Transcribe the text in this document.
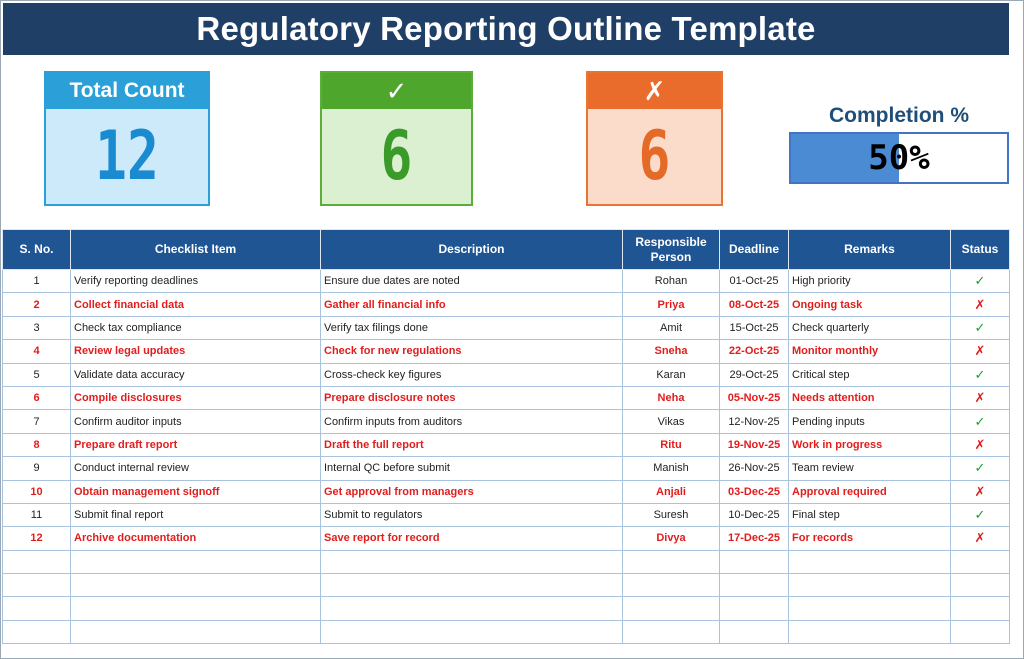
Regulatory Reporting Outline Template
Total Count
12
✓
6
✗
6
Completion %
50%
S. No.	Checklist Item	Description	Responsible Person	Deadline	Remarks	Status
1	Verify reporting deadlines	Ensure due dates are noted	Rohan	01-Oct-25	High priority	✓
2	Collect financial data	Gather all financial info	Priya	08-Oct-25	Ongoing task	✗
3	Check tax compliance	Verify tax filings done	Amit	15-Oct-25	Check quarterly	✓
4	Review legal updates	Check for new regulations	Sneha	22-Oct-25	Monitor monthly	✗
5	Validate data accuracy	Cross-check key figures	Karan	29-Oct-25	Critical step	✓
6	Compile disclosures	Prepare disclosure notes	Neha	05-Nov-25	Needs attention	✗
7	Confirm auditor inputs	Confirm inputs from auditors	Vikas	12-Nov-25	Pending inputs	✓
8	Prepare draft report	Draft the full report	Ritu	19-Nov-25	Work in progress	✗
9	Conduct internal review	Internal QC before submit	Manish	26-Nov-25	Team review	✓
10	Obtain management signoff	Get approval from managers	Anjali	03-Dec-25	Approval required	✗
11	Submit final report	Submit to regulators	Suresh	10-Dec-25	Final step	✓
12	Archive documentation	Save report for record	Divya	17-Dec-25	For records	✗
